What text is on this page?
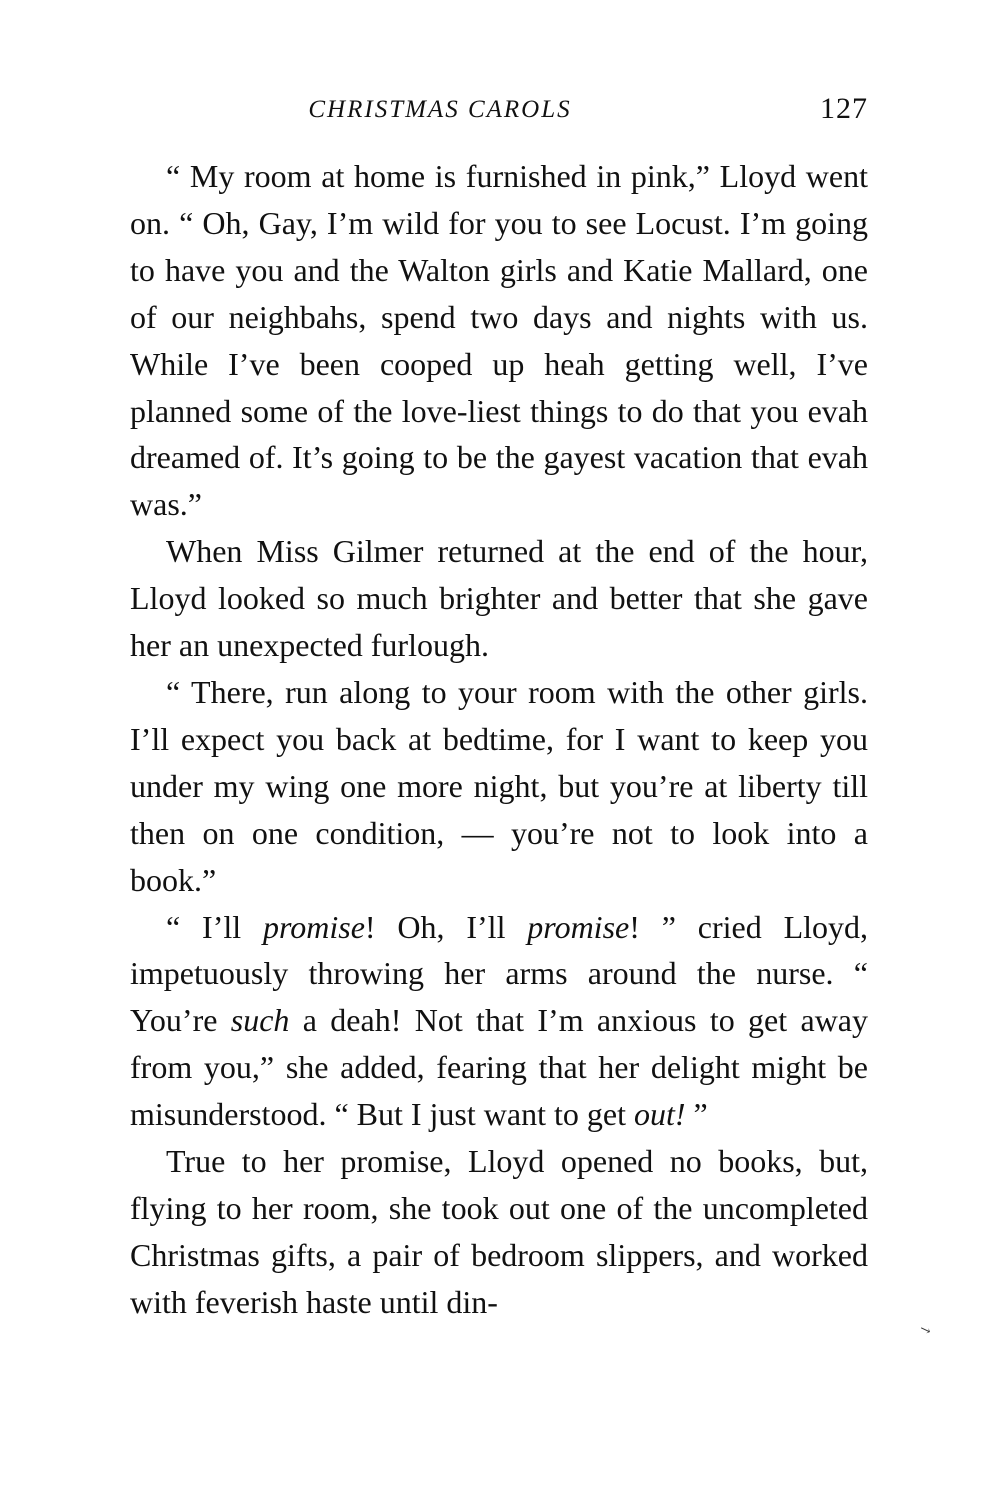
CHRISTMAS CAROLS	127

“ My room at home is furnished in pink,” Lloyd went on. “ Oh, Gay, I’m wild for you to see Locust. I’m going to have you and the Walton girls and Katie Mallard, one of our neighbahs, spend two days and nights with us. While I’ve been cooped up heah getting well, I’ve planned some of the love-liest things to do that you evah dreamed of. It’s going to be the gayest vacation that evah was.”

When Miss Gilmer returned at the end of the hour, Lloyd looked so much brighter and better that she gave her an unexpected furlough.

“ There, run along to your room with the other girls. I’ll expect you back at bedtime, for I want to keep you under my wing one more night, but you’re at liberty till then on one condition, — you’re not to look into a book.”

“ I’ll promise! Oh, I’ll promise! ” cried Lloyd, impetuously throwing her arms around the nurse. “ You’re such a deah! Not that I’m anxious to get away from you,” she added, fearing that her delight might be misunderstood. “ But I just want to get out! ”

True to her promise, Lloyd opened no books, but, flying to her room, she took out one of the uncompleted Christmas gifts, a pair of bedroom slippers, and worked with feverish haste until din-

↘
